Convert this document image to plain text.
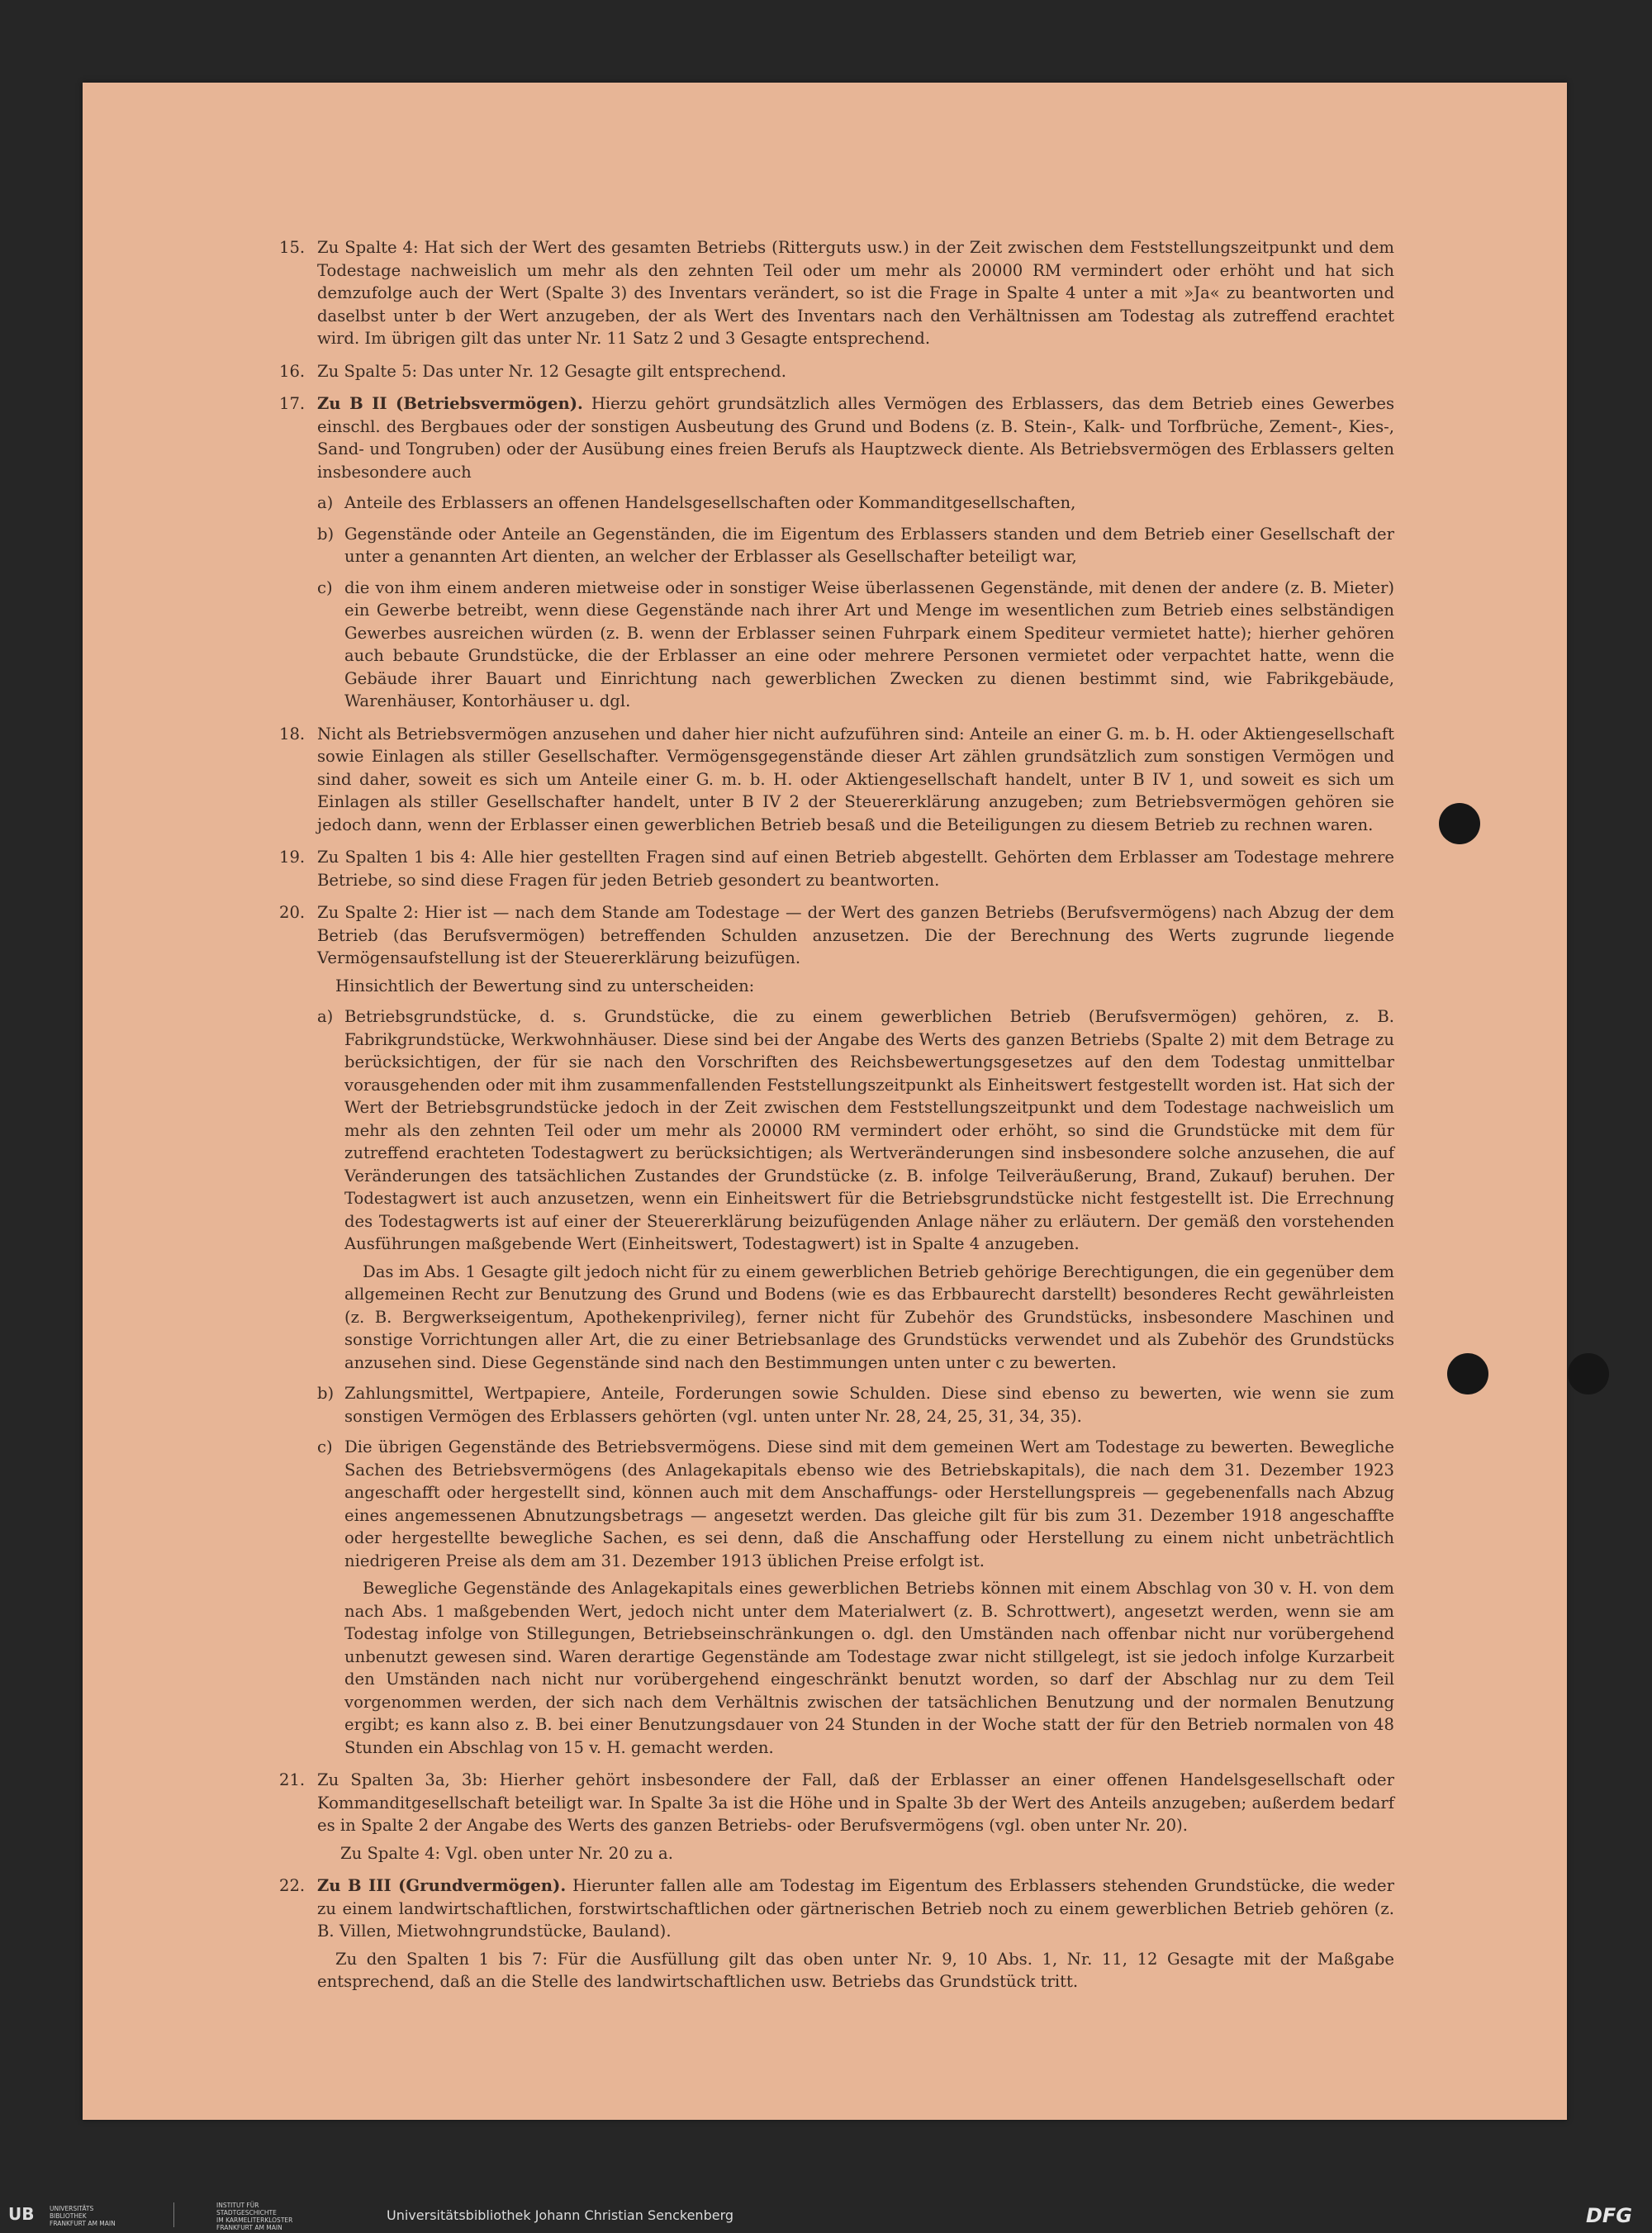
15. Zu Spalte 4: Hat sich der Wert des gesamten Betriebs (Ritterguts usw.) in der Zeit zwischen dem Feststellungszeitpunkt und dem Todestage nachweislich um mehr als den zehnten Teil oder um mehr als 20000 RM vermindert oder erhöht und hat sich demzufolge auch der Wert (Spalte 3) des Inventars verändert, so ist die Frage in Spalte 4 unter a mit »Ja« zu beantworten und daselbst unter b der Wert anzugeben, der als Wert des Inventars nach den Verhältnissen am Todestag als zutreffend erachtet wird. Im übrigen gilt das unter Nr. 11 Satz 2 und 3 Gesagte entsprechend.
16. Zu Spalte 5: Das unter Nr. 12 Gesagte gilt entsprechend.
17. Zu B II (Betriebsvermögen). Hierzu gehört grundsätzlich alles Vermögen des Erblassers, das dem Betrieb eines Gewerbes einschl. des Bergbaues oder der sonstigen Ausbeutung des Grund und Bodens (z. B. Stein-, Kalk- und Torfbrüche, Zement-, Kies-, Sand- und Tongruben) oder der Ausübung eines freien Berufs als Hauptzweck diente. Als Betriebsvermögen des Erblassers gelten insbesondere auch
a) Anteile des Erblassers an offenen Handelsgesellschaften oder Kommanditgesellschaften,
b) Gegenstände oder Anteile an Gegenständen, die im Eigentum des Erblassers standen und dem Betrieb einer Gesellschaft der unter a genannten Art dienten, an welcher der Erblasser als Gesellschafter beteiligt war,
c) die von ihm einem anderen mietweise oder in sonstiger Weise überlassenen Gegenstände, mit denen der andere (z. B. Mieter) ein Gewerbe betreibt, wenn diese Gegenstände nach ihrer Art und Menge im wesentlichen zum Betrieb eines selbständigen Gewerbes ausreichen würden (z. B. wenn der Erblasser seinen Fuhrpark einem Spediteur vermietet hatte); hierher gehören auch bebaute Grundstücke, die der Erblasser an eine oder mehrere Personen vermietet oder verpachtet hatte, wenn die Gebäude ihrer Bauart und Einrichtung nach gewerblichen Zwecken zu dienen bestimmt sind, wie Fabrikgebäude, Warenhäuser, Kontorhäuser u. dgl.
18. Nicht als Betriebsvermögen anzusehen und daher hier nicht aufzuführen sind: Anteile an einer G. m. b. H. oder Aktiengesellschaft sowie Einlagen als stiller Gesellschafter. Vermögensgegenstände dieser Art zählen grundsätzlich zum sonstigen Vermögen und sind daher, soweit es sich um Anteile einer G. m. b. H. oder Aktiengesellschaft handelt, unter B IV 1, und soweit es sich um Einlagen als stiller Gesellschafter handelt, unter B IV 2 der Steuererklärung anzugeben; zum Betriebsvermögen gehören sie jedoch dann, wenn der Erblasser einen gewerblichen Betrieb besaß und die Beteiligungen zu diesem Betrieb zu rechnen waren.
19. Zu Spalten 1 bis 4: Alle hier gestellten Fragen sind auf einen Betrieb abgestellt. Gehörten dem Erblasser am Todestage mehrere Betriebe, so sind diese Fragen für jeden Betrieb gesondert zu beantworten.
20. Zu Spalte 2: Hier ist — nach dem Stande am Todestage — der Wert des ganzen Betriebs (Berufsvermögens) nach Abzug der dem Betrieb (das Berufsvermögen) betreffenden Schulden anzusetzen. Die der Berechnung des Werts zugrunde liegende Vermögensaufstellung ist der Steuererklärung beizufügen.
Hinsichtlich der Bewertung sind zu unterscheiden:
a) Betriebsgrundstücke, d. s. Grundstücke, die zu einem gewerblichen Betrieb (Berufsvermögen) gehören, z. B. Fabrikgrundstücke, Werkwohnhäuser. Diese sind bei der Angabe des Werts des ganzen Betriebs (Spalte 2) mit dem Betrage zu berücksichtigen, der für sie nach den Vorschriften des Reichsbewertungsgesetzes auf den dem Todestag unmittelbar vorausgehenden oder mit ihm zusammenfallenden Feststellungszeitpunkt als Einheitswert festgestellt worden ist. Hat sich der Wert der Betriebsgrundstücke jedoch in der Zeit zwischen dem Feststellungszeitpunkt und dem Todestage nachweislich um mehr als den zehnten Teil oder um mehr als 20000 RM vermindert oder erhöht, so sind die Grundstücke mit dem für zutreffend erachteten Todestagwert zu berücksichtigen; als Wertveränderungen sind insbesondere solche anzusehen, die auf Veränderungen des tatsächlichen Zustandes der Grundstücke (z. B. infolge Teilveräußerung, Brand, Zukauf) beruhen. Der Todestagwert ist auch anzusetzen, wenn ein Einheitswert für die Betriebsgrundstücke nicht festgestellt ist. Die Errechnung des Todestagwerts ist auf einer der Steuererklärung beizufügenden Anlage näher zu erläutern. Der gemäß den vorstehenden Ausführungen maßgebende Wert (Einheitswert, Todestagwert) ist in Spalte 4 anzugeben.
Das im Abs. 1 Gesagte gilt jedoch nicht für zu einem gewerblichen Betrieb gehörige Berechtigungen, die ein gegenüber dem allgemeinen Recht zur Benutzung des Grund und Bodens (wie es das Erbbaurecht darstellt) besonderes Recht gewährleisten (z. B. Bergwerkseigentum, Apothekenprivileg), ferner nicht für Zubehör des Grundstücks, insbesondere Maschinen und sonstige Vorrichtungen aller Art, die zu einer Betriebsanlage des Grundstücks verwendet und als Zubehör des Grundstücks anzusehen sind. Diese Gegenstände sind nach den Bestimmungen unten unter c zu bewerten.
b) Zahlungsmittel, Wertpapiere, Anteile, Forderungen sowie Schulden. Diese sind ebenso zu bewerten, wie wenn sie zum sonstigen Vermögen des Erblassers gehörten (vgl. unten unter Nr. 28, 24, 25, 31, 34, 35).
c) Die übrigen Gegenstände des Betriebsvermögens. Diese sind mit dem gemeinen Wert am Todestage zu bewerten. Bewegliche Sachen des Betriebsvermögens (des Anlagekapitals ebenso wie des Betriebskapitals), die nach dem 31. Dezember 1923 angeschafft oder hergestellt sind, können auch mit dem Anschaffungs- oder Herstellungspreis — gegebenenfalls nach Abzug eines angemessenen Abnutzungsbetrags — angesetzt werden. Das gleiche gilt für bis zum 31. Dezember 1918 angeschaffte oder hergestellte bewegliche Sachen, es sei denn, daß die Anschaffung oder Herstellung zu einem nicht unbeträchtlich niedrigeren Preise als dem am 31. Dezember 1913 üblichen Preise erfolgt ist.
Bewegliche Gegenstände des Anlagekapitals eines gewerblichen Betriebs können mit einem Abschlag von 30 v. H. von dem nach Abs. 1 maßgebenden Wert, jedoch nicht unter dem Materialwert (z. B. Schrottwert), angesetzt werden, wenn sie am Todestag infolge von Stillegungen, Betriebseinschränkungen o. dgl. den Umständen nach offenbar nicht nur vorübergehend unbenutzt gewesen sind. Waren derartige Gegenstände am Todestage zwar nicht stillgelegt, ist sie jedoch infolge Kurzarbeit den Umständen nach nicht nur vorübergehend eingeschränkt benutzt worden, so darf der Abschlag nur zu dem Teil vorgenommen werden, der sich nach dem Verhältnis zwischen der tatsächlichen Benutzung und der normalen Benutzung ergibt; es kann also z. B. bei einer Benutzungsdauer von 24 Stunden in der Woche statt der für den Betrieb normalen von 48 Stunden ein Abschlag von 15 v. H. gemacht werden.
21. Zu Spalten 3a, 3b: Hierher gehört insbesondere der Fall, daß der Erblasser an einer offenen Handelsgesellschaft oder Kommanditgesellschaft beteiligt war. In Spalte 3a ist die Höhe und in Spalte 3b der Wert des Anteils anzugeben; außerdem bedarf es in Spalte 2 der Angabe des Werts des ganzen Betriebs- oder Berufsvermögens (vgl. oben unter Nr. 20).
Zu Spalte 4: Vgl. oben unter Nr. 20 zu a.
22. Zu B III (Grundvermögen). Hierunter fallen alle am Todestag im Eigentum des Erblassers stehenden Grundstücke, die weder zu einem landwirtschaftlichen, forstwirtschaftlichen oder gärtnerischen Betrieb noch zu einem gewerblichen Betrieb gehören (z. B. Villen, Mietwohngrundstücke, Bauland).
Zu den Spalten 1 bis 7: Für die Ausfüllung gilt das oben unter Nr. 9, 10 Abs. 1, Nr. 11, 12 Gesagte mit der Maßgabe entsprechend, daß an die Stelle des landwirtschaftlichen usw. Betriebs das Grundstück tritt.
UB UNIVERSITÄTS
BIBLIOTHEK
FRANKFURT AM MAIN
INSTITUT FÜR
STADTGESCHICHTE
IM KARMELITERKLOSTER
FRANKFURT AM MAIN
Universitätsbibliothek Johann Christian Senckenberg	DFG
